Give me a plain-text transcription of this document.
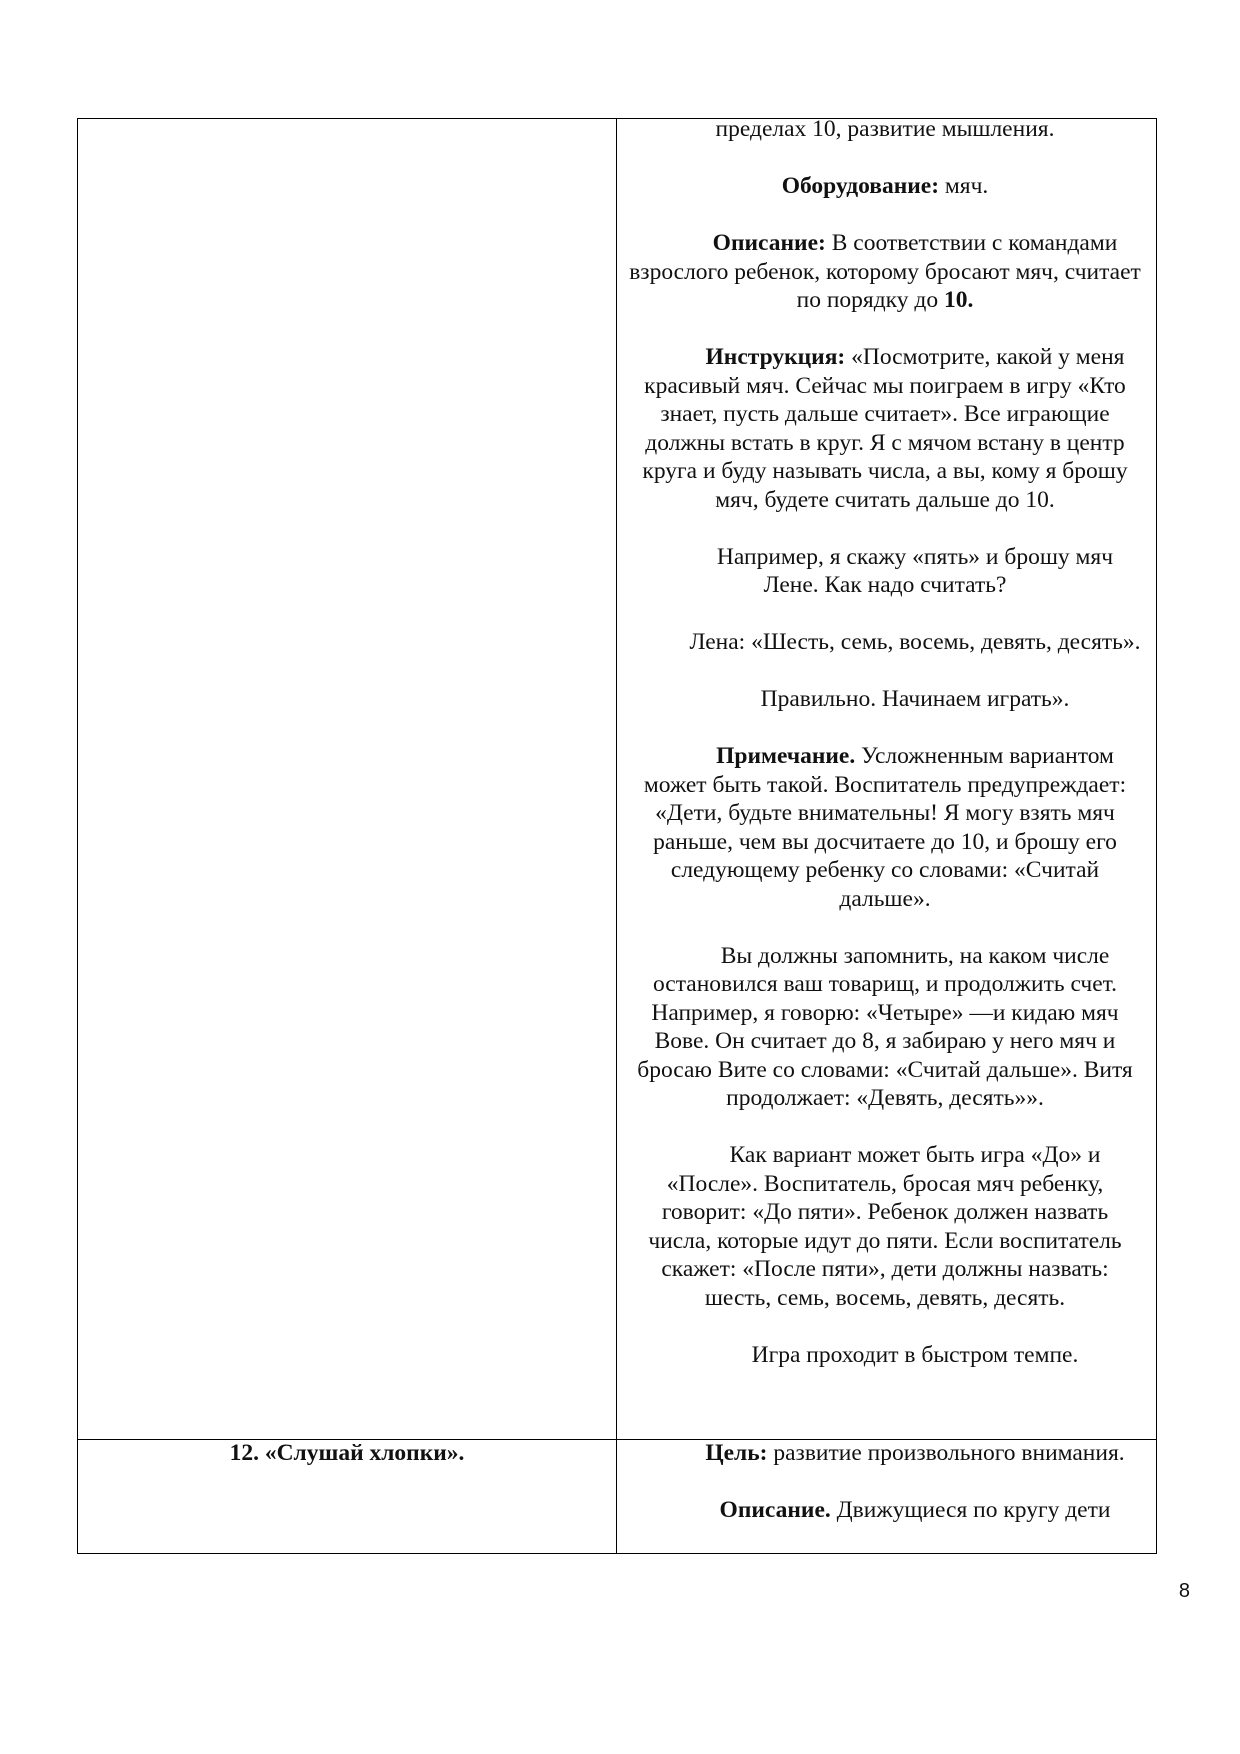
пределах 10, развитие мышления.

Оборудование: мяч.

Описание: В соответствии с командами взрослого ребенок, которому бросают мяч, считает по порядку до 10.

Инструкция: «Посмотрите, какой у меня красивый мяч. Сейчас мы поиграем в игру «Кто знает, пусть дальше считает». Все играющие должны встать в круг. Я с мячом встану в центр круга и буду называть числа, а вы, кому я брошу мяч, будете считать дальше до 10.

Например, я скажу «пять» и брошу мяч Лене. Как надо считать?

Лена: «Шесть, семь, восемь, девять, десять».

Правильно. Начинаем играть».

Примечание. Усложненным вариантом может быть такой. Воспитатель предупреждает: «Дети, будьте внимательны! Я могу взять мяч раньше, чем вы досчитаете до 10, и брошу его следующему ребенку со словами: «Считай дальше».

Вы должны запомнить, на каком числе остановился ваш товарищ, и продолжить счет. Например, я говорю: «Четыре» —и кидаю мяч Вове. Он считает до 8, я забираю у него мяч и бросаю Вите со словами: «Считай дальше». Витя продолжает: «Девять, десять»».

Как вариант может быть игра «До» и «После». Воспитатель, бросая мяч ребенку, говорит: «До пяти». Ребенок должен назвать числа, которые идут до пяти. Если воспитатель скажет: «После пяти», дети должны назвать: шесть, семь, восемь, девять, десять.

Игра проходит в быстром темпе.

12. «Слушай хлопки».	Цель: развитие произвольного внимания.

Описание. Движущиеся по кругу дети

8
